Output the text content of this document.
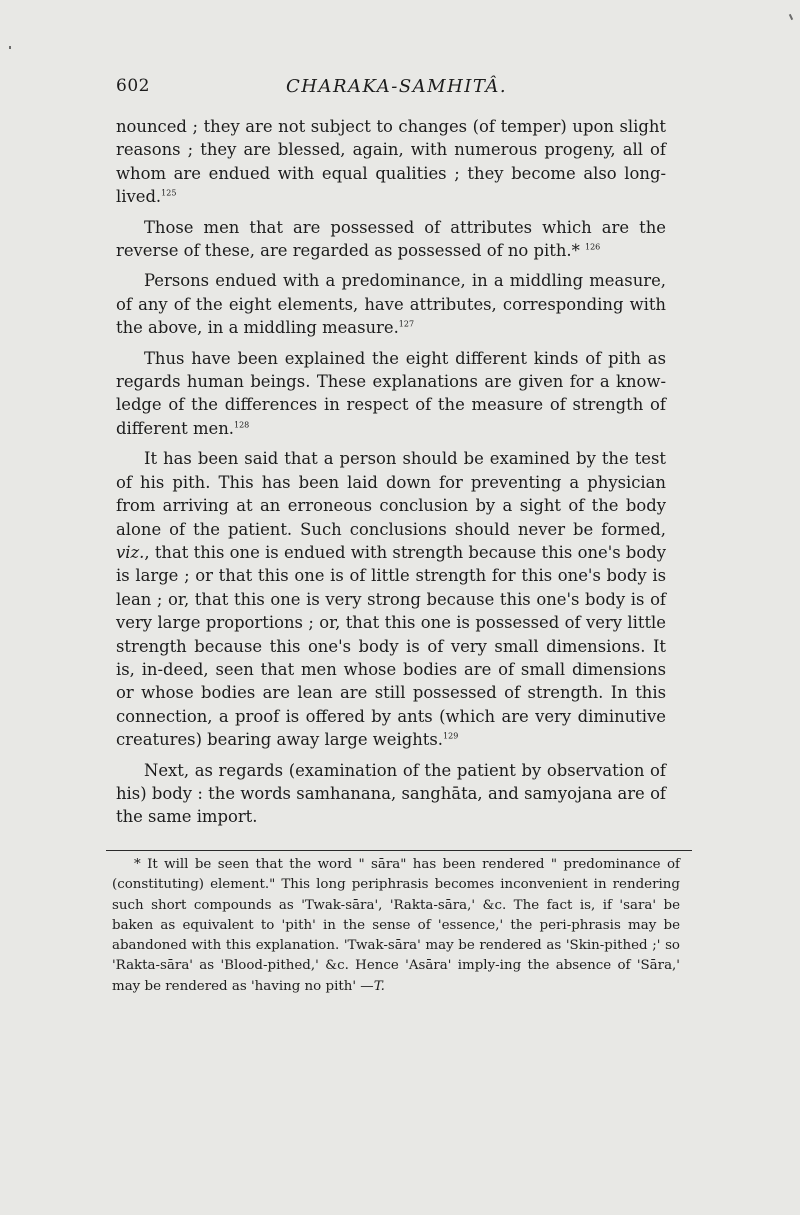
602	CHARAKA-SAMHITÂ.

nounced ; they are not subject to changes (of temper) upon slight reasons ; they are blessed, again, with numerous progeny, all of whom are endued with equal qualities ; they become also long-lived.$^{125}$

Those men that are possessed of attributes which are the reverse of these, are regarded as possessed of no pith.* $^{126}$

Persons endued with a predominance, in a middling measure, of any of the eight elements, have attributes, corresponding with the above, in a middling measure.$^{127}$

Thus have been explained the eight different kinds of pith as regards human beings. These explanations are given for a know-ledge of the differences in respect of the measure of strength of different men.$^{128}$

It has been said that a person should be examined by the test of his pith. This has been laid down for preventing a physician from arriving at an erroneous conclusion by a sight of the body alone of the patient. Such conclusions should never be formed, viz., that this one is endued with strength because this one's body is large ; or that this one is of little strength for this one's body is lean ; or, that this one is very strong because this one's body is of very large proportions ; or, that this one is possessed of very little strength because this one's body is of very small dimensions. It is, in-deed, seen that men whose bodies are of small dimensions or whose bodies are lean are still possessed of strength. In this connection, a proof is offered by ants (which are very diminutive creatures) bearing away large weights.$^{129}$

Next, as regards (examination of the patient by observation of his) body : the words samhanana, sanghāta, and samyojana are of the same import.

* It will be seen that the word " sāra" has been rendered " predominance of (constituting) element." This long periphrasis becomes inconvenient in rendering such short compounds as 'Twak-sāra', 'Rakta-sāra,' &c. The fact is, if 'sara' be baken as equivalent to 'pith' in the sense of 'essence,' the peri-phrasis may be abandoned with this explanation. 'Twak-sāra' may be rendered as 'Skin-pithed ;' so 'Rakta-sāra' as 'Blood-pithed,' &c. Hence 'Asāra' imply-ing the absence of 'Sāra,' may be rendered as 'having no pith' —T.
